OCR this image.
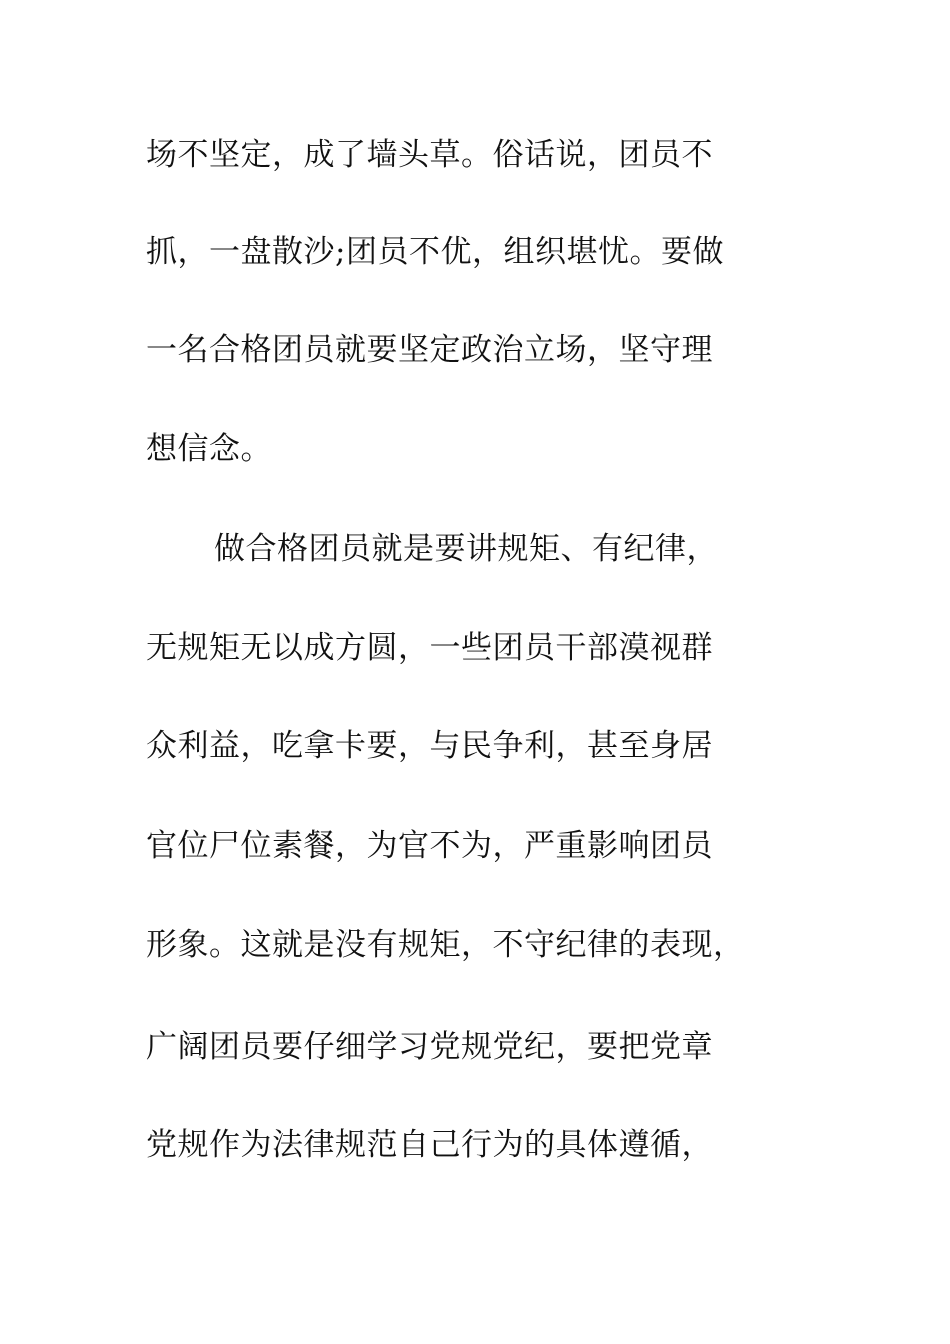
场不坚定，成了墙头草。俗话说，团员不
抓，一盘散沙;团员不优，组织堪忧。要做
一名合格团员就要坚定政治立场，坚守理
想信念。
做合格团员就是要讲规矩、有纪律，
无规矩无以成方圆，一些团员干部漠视群
众利益，吃拿卡要，与民争利，甚至身居
官位尸位素餐，为官不为，严重影响团员
形象。这就是没有规矩，不守纪律的表现，
广阔团员要仔细学习党规党纪，要把党章
党规作为法律规范自己行为的具体遵循，
